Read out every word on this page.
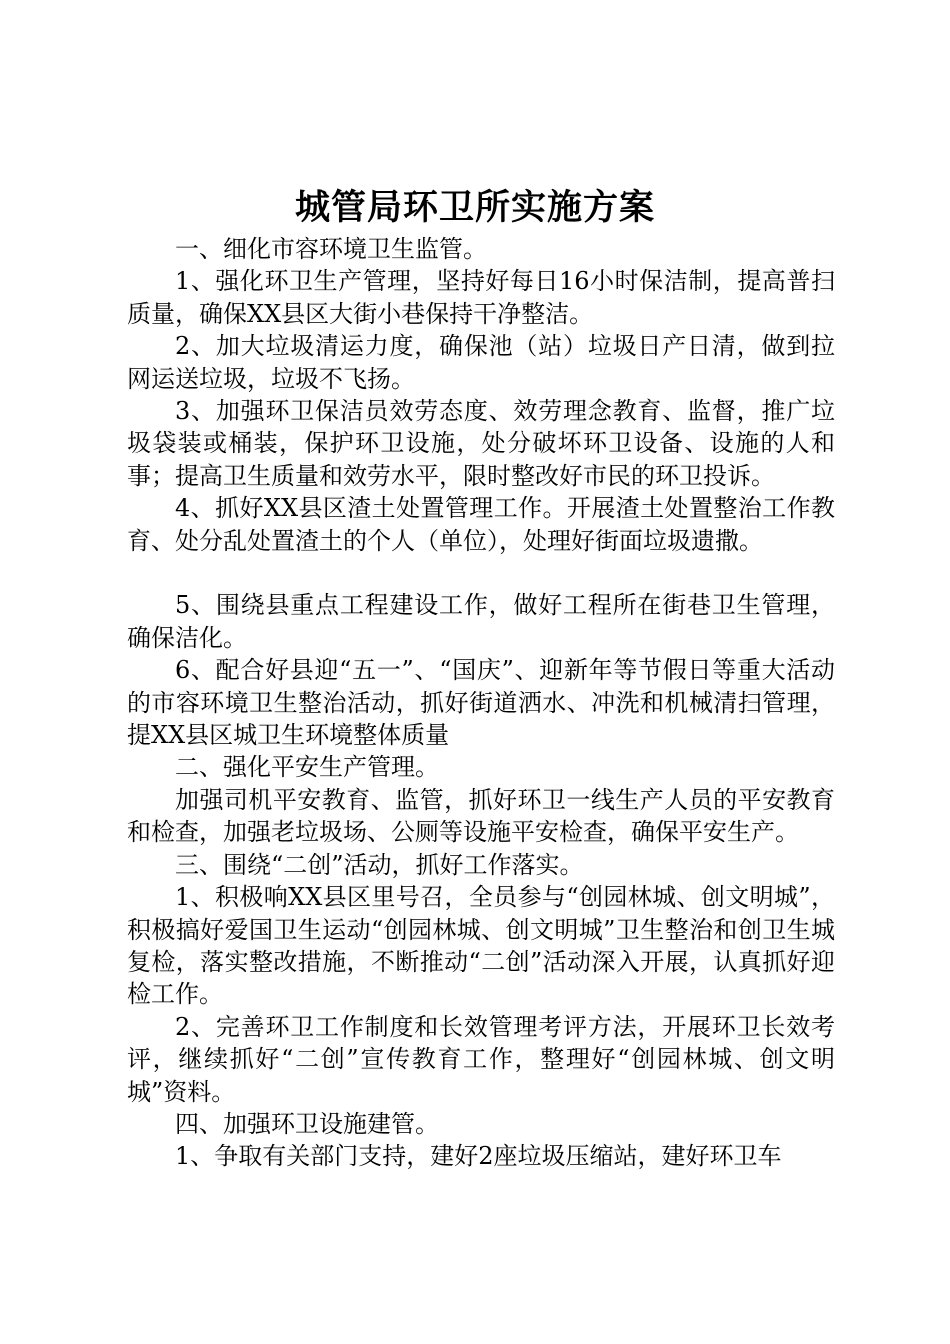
城管局环卫所实施方案

一、细化市容环境卫生监管。

1、强化环卫生产管理，坚持好每日16小时保洁制，提高普扫质量，确保XX县区大街小巷保持干净整洁。

2、加大垃圾清运力度，确保池（站）垃圾日产日清，做到拉网运送垃圾，垃圾不飞扬。

3、加强环卫保洁员效劳态度、效劳理念教育、监督，推广垃圾袋装或桶装，保护环卫设施，处分破坏环卫设备、设施的人和事；提高卫生质量和效劳水平，限时整改好市民的环卫投诉。

4、抓好XX县区渣土处置管理工作。开展渣土处置整治工作教育、处分乱处置渣土的个人（单位），处理好街面垃圾遗撒。

5、围绕县重点工程建设工作，做好工程所在街巷卫生管理，确保洁化。

6、配合好县迎“五一”、“国庆”、迎新年等节假日等重大活动的市容环境卫生整治活动，抓好街道洒水、冲洗和机械清扫管理，提XX县区城卫生环境整体质量

二、强化平安生产管理。

加强司机平安教育、监管，抓好环卫一线生产人员的平安教育和检查，加强老垃圾场、公厕等设施平安检查，确保平安生产。

三、围绕“二创”活动，抓好工作落实。

1、积极响XX县区里号召，全员参与“创园林城、创文明城”，积极搞好爱国卫生运动“创园林城、创文明城”卫生整治和创卫生城复检，落实整改措施，不断推动“二创”活动深入开展，认真抓好迎检工作。

2、完善环卫工作制度和长效管理考评方法，开展环卫长效考评，继续抓好“二创”宣传教育工作，整理好“创园林城、创文明城”资料。

四、加强环卫设施建管。

1、争取有关部门支持，建好2座垃圾压缩站，建好环卫车
